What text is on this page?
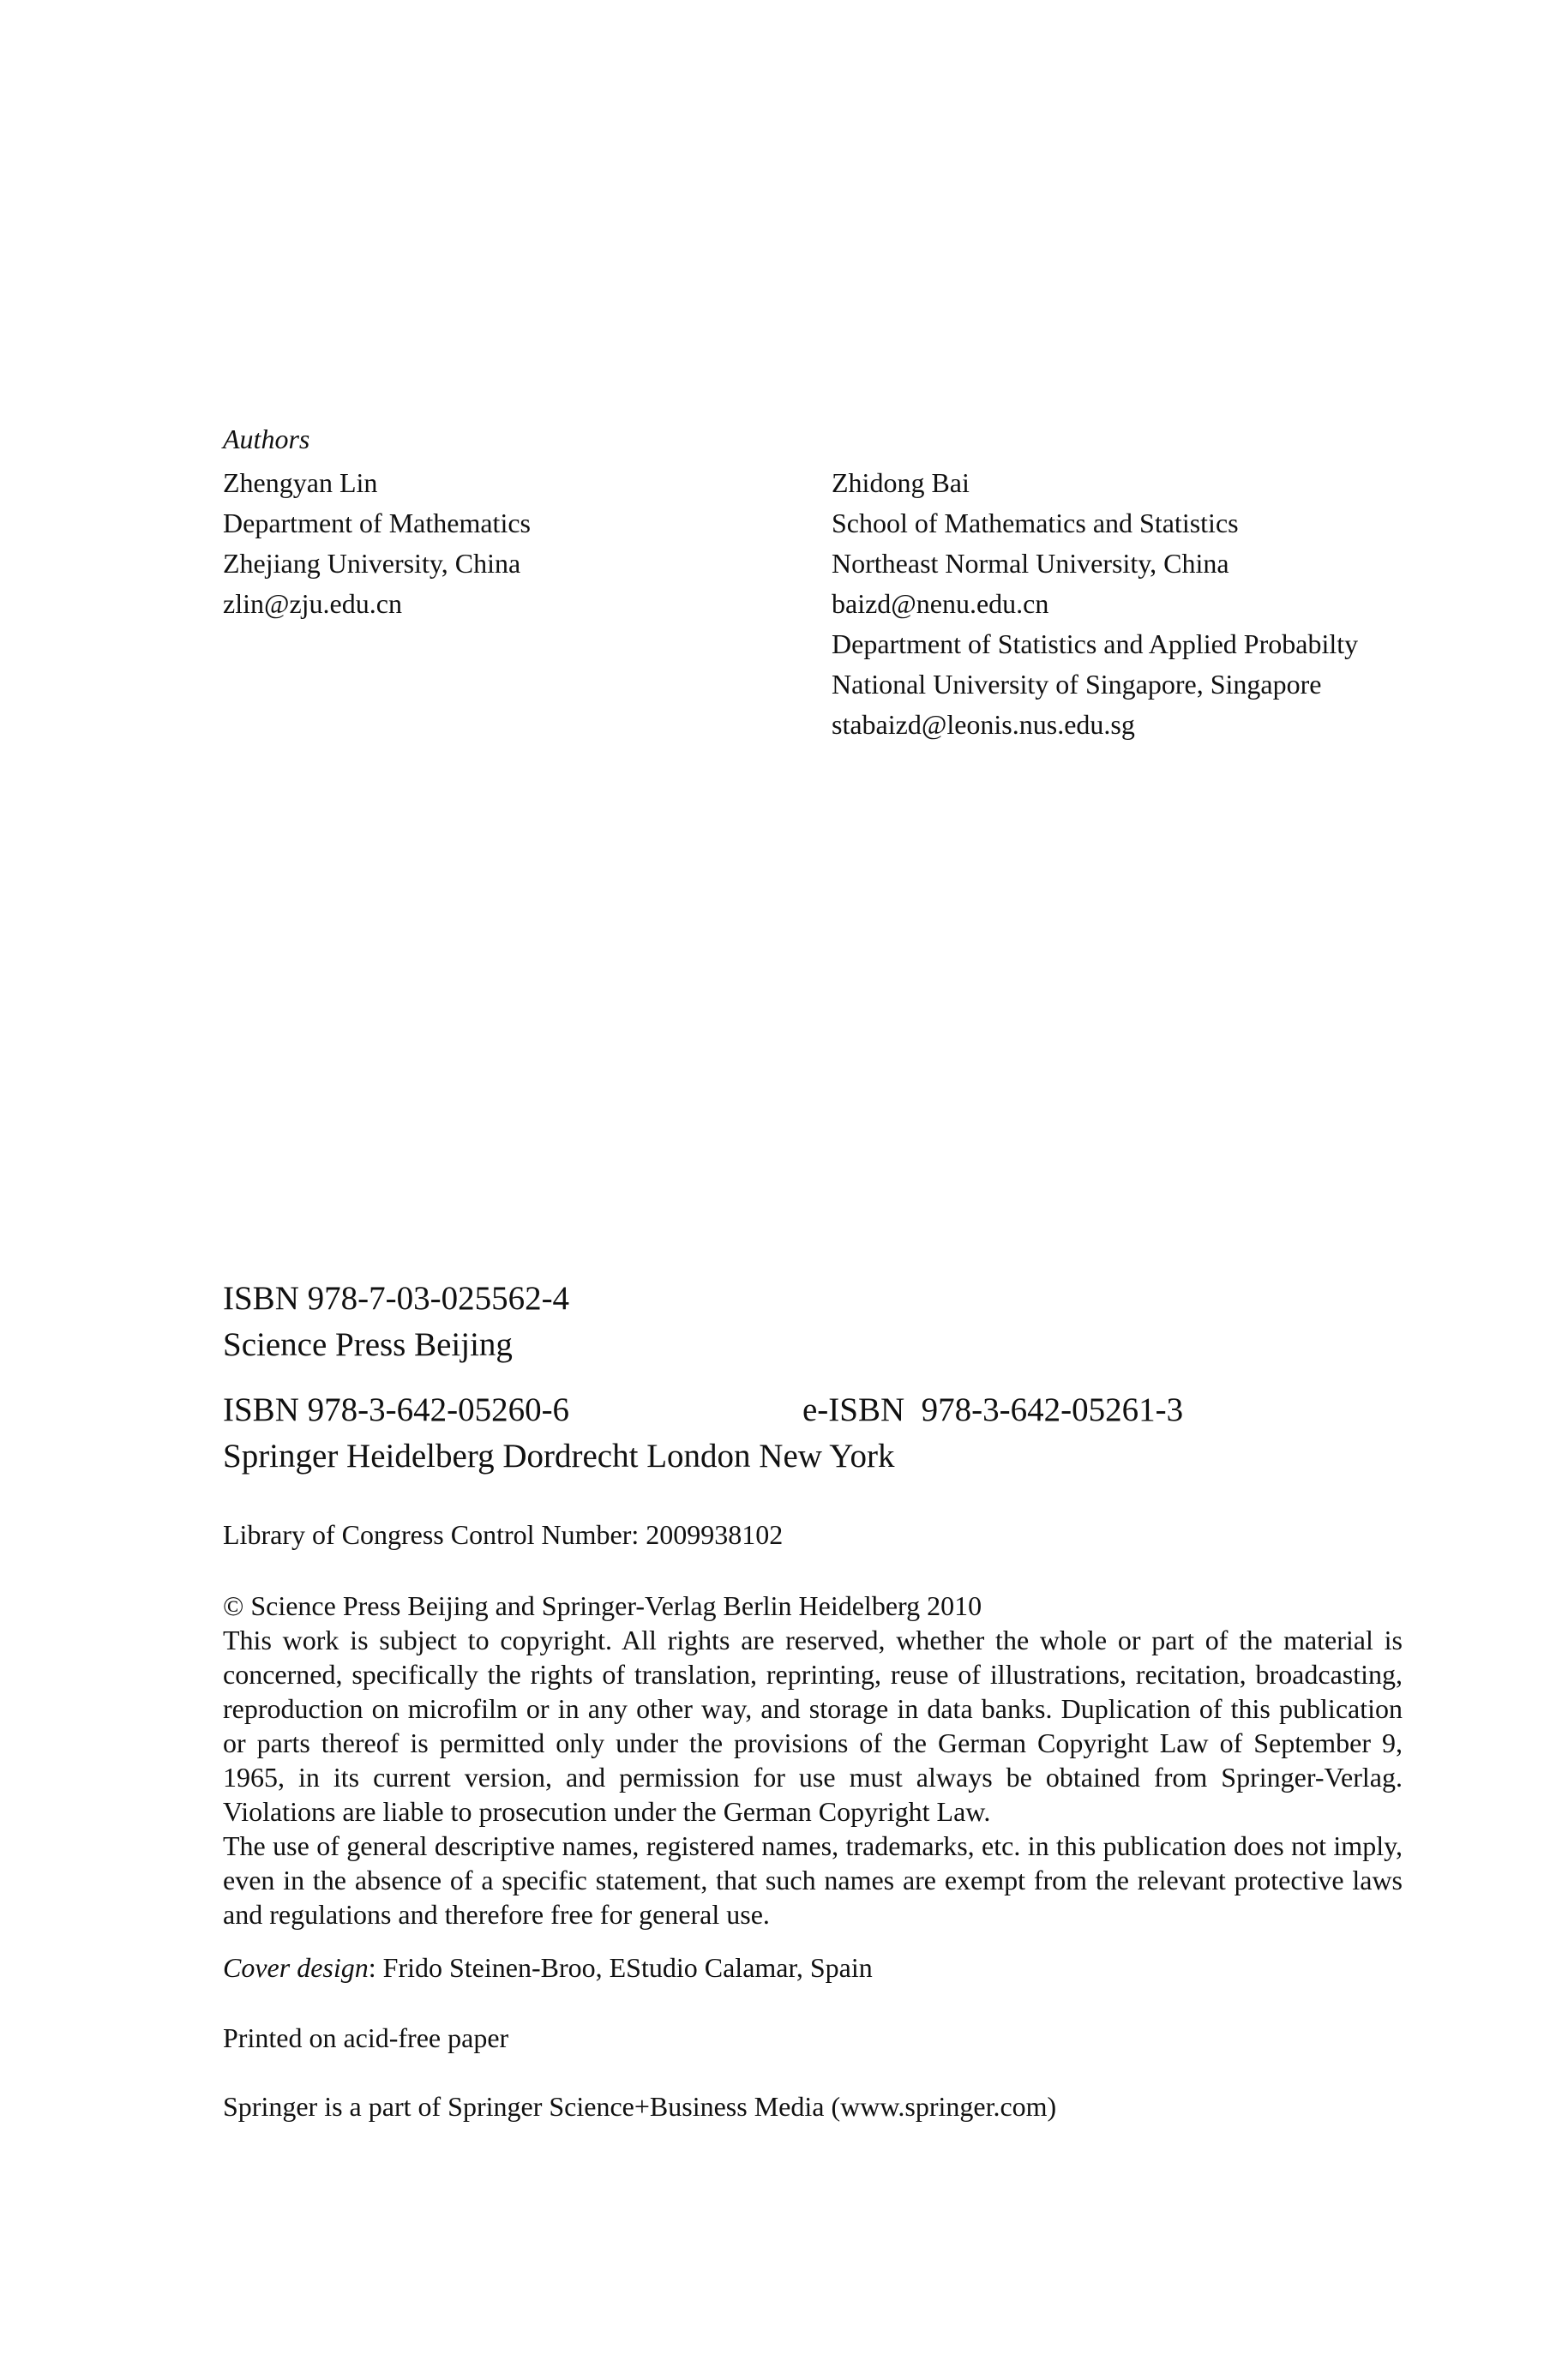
Authors
Zhengyan Lin
Department of Mathematics
Zhejiang University, China
zlin@zju.edu.cn
Zhidong Bai
School of Mathematics and Statistics
Northeast Normal University, China
baizd@nenu.edu.cn
Department of Statistics and Applied Probabilty
National University of Singapore, Singapore
stabaizd@leonis.nus.edu.sg
ISBN 978-7-03-025562-4
Science Press Beijing
ISBN 978-3-642-05260-6	e-ISBN  978-3-642-05261-3
Springer Heidelberg Dordrecht London New York
Library of Congress Control Number: 2009938102
© Science Press Beijing and Springer-Verlag Berlin Heidelberg 2010
This work is subject to copyright. All rights are reserved, whether the whole or part of the material is concerned, specifically the rights of translation, reprinting, reuse of illustrations, recitation, broadcasting, reproduction on microfilm or in any other way, and storage in data banks. Duplication of this publication or parts thereof is permitted only under the provisions of the German Copyright Law of September 9, 1965, in its current version, and permission for use must always be obtained from Springer-Verlag. Violations are liable to prosecution under the German Copyright Law.
The use of general descriptive names, registered names, trademarks, etc. in this publication does not imply, even in the absence of a specific statement, that such names are exempt from the relevant protective laws and regulations and therefore free for general use.
Cover design: Frido Steinen-Broo, EStudio Calamar, Spain
Printed on acid-free paper
Springer is a part of Springer Science+Business Media (www.springer.com)
